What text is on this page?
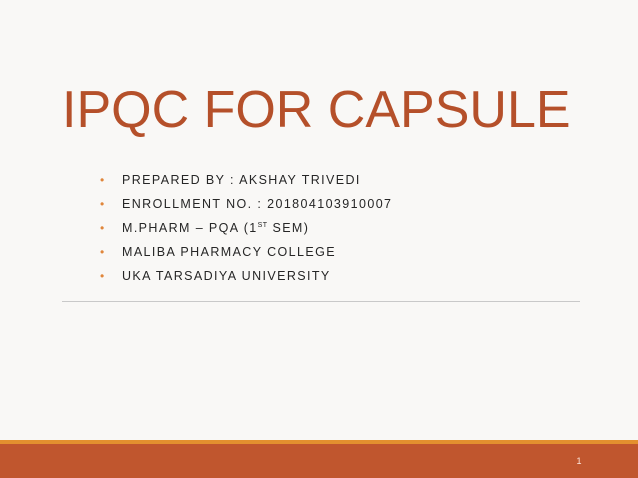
IPQC FOR CAPSULE
• PREPARED BY : AKSHAY TRIVEDI
• ENROLLMENT NO. : 201804103910007
• M.PHARM – PQA (1ST SEM)
• MALIBA PHARMACY COLLEGE
• UKA TARSADIYA UNIVERSITY
1
